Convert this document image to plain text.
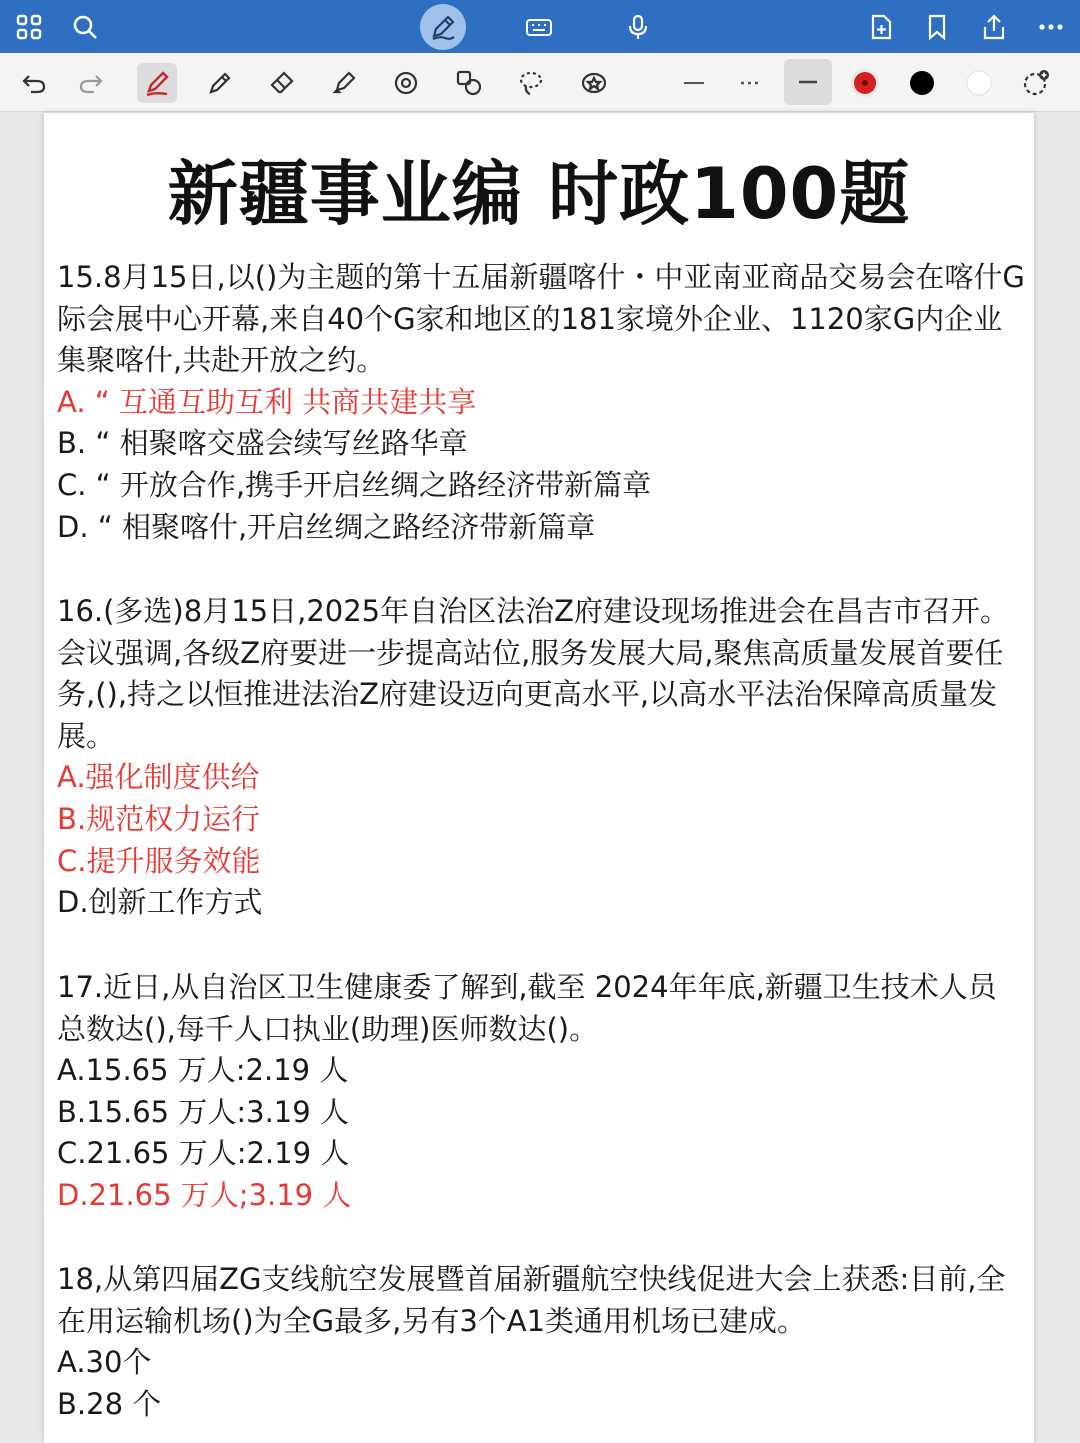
新疆事业编 时政100题
15.8月15日,以()为主题的第十五届新疆喀什・中亚南亚商品交易会在喀什G际会展中心开幕,来自40个G家和地区的181家境外企业、1120家G内企业集聚喀什,共赴开放之约。
A. “ 互通互助互利 共商共建共享
B. “ 相聚喀交盛会续写丝路华章
C. “ 开放合作,携手开启丝绸之路经济带新篇章
D. “ 相聚喀什,开启丝绸之路经济带新篇章
16.(多选)8月15日,2025年自治区法治Z府建设现场推进会在昌吉市召开。会议强调,各级Z府要进一步提高站位,服务发展大局,聚焦高质量发展首要任务,(),持之以恒推进法治Z府建设迈向更高水平,以高水平法治保障高质量发展。
A.强化制度供给
B.规范权力运行
C.提升服务效能
D.创新工作方式
17.近日,从自治区卫生健康委了解到,截至 2024年年底,新疆卫生技术人员总数达(),每千人口执业(助理)医师数达()。
A.15.65 万人:2.19 人
B.15.65 万人:3.19 人
C.21.65 万人:2.19 人
D.21.65 万人;3.19 人
18,从第四届ZG支线航空发展暨首届新疆航空快线促进大会上获悉:目前,全在用运输机场()为全G最多,另有3个A1类通用机场已建成。
A.30个
B.28 个
